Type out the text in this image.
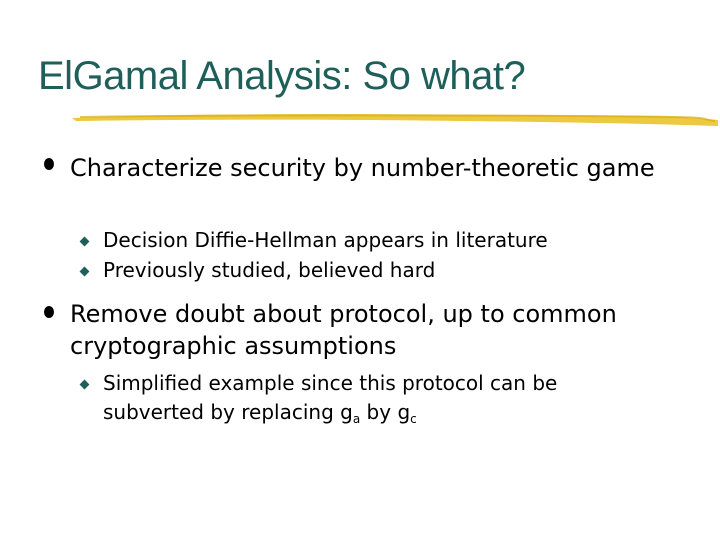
ElGamal Analysis: So what?
Characterize security by number-theoretic game
Decision Diffie-Hellman appears in literature
Previously studied, believed hard
Remove doubt about protocol, up to common cryptographic assumptions
Simplified example since this protocol can be subverted by replacing $g_a$ by $g_c$
